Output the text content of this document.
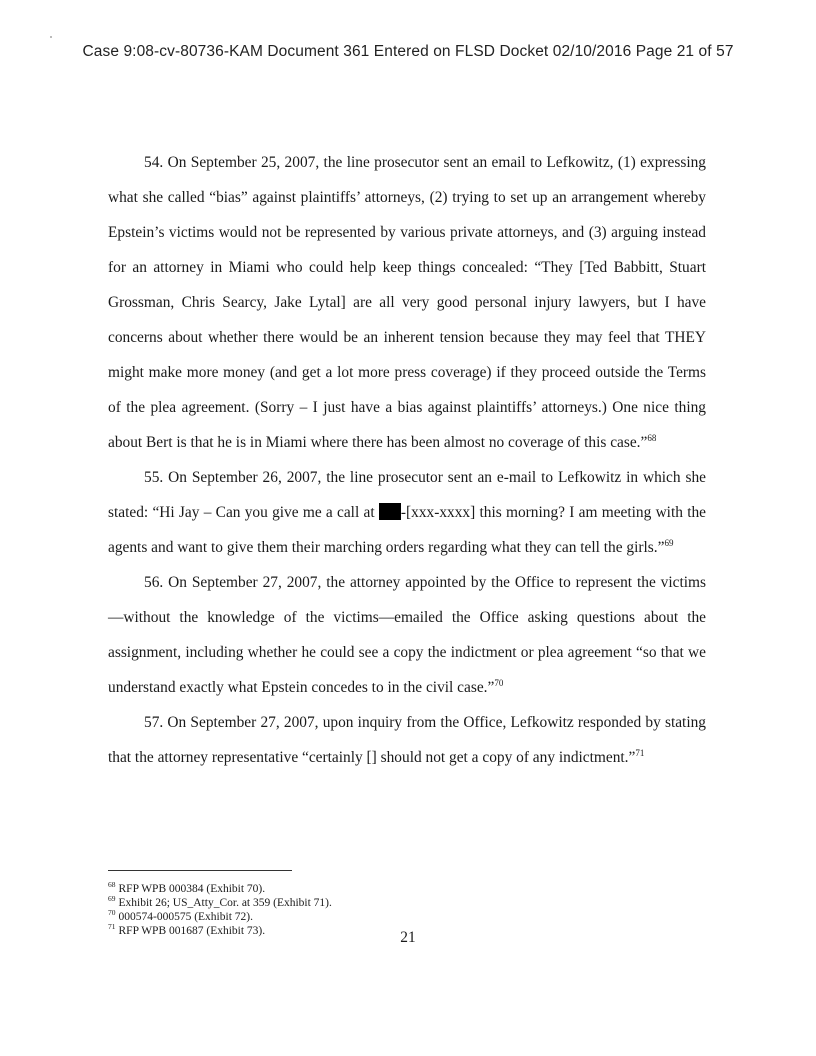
Case 9:08-cv-80736-KAM Document 361 Entered on FLSD Docket 02/10/2016 Page 21 of 57

54. On September 25, 2007, the line prosecutor sent an email to Lefkowitz, (1) expressing what she called “bias” against plaintiffs’ attorneys, (2) trying to set up an arrangement whereby Epstein’s victims would not be represented by various private attorneys, and (3) arguing instead for an attorney in Miami who could help keep things concealed: “They [Ted Babbitt, Stuart Grossman, Chris Searcy, Jake Lytal] are all very good personal injury lawyers, but I have concerns about whether there would be an inherent tension because they may feel that THEY might make more money (and get a lot more press coverage) if they proceed outside the Terms of the plea agreement. (Sorry – I just have a bias against plaintiffs’ attorneys.) One nice thing about Bert is that he is in Miami where there has been almost no coverage of this case.”$^{68}$

55. On September 26, 2007, the line prosecutor sent an e-mail to Lefkowitz in which she stated: “Hi Jay – Can you give me a call at -[xxx-xxxx] this morning? I am meeting with the agents and want to give them their marching orders regarding what they can tell the girls.”$^{69}$

56. On September 27, 2007, the attorney appointed by the Office to represent the victims—without the knowledge of the victims—emailed the Office asking questions about the assignment, including whether he could see a copy the indictment or plea agreement “so that we understand exactly what Epstein concedes to in the civil case.”$^{70}$

57. On September 27, 2007, upon inquiry from the Office, Lefkowitz responded by stating that the attorney representative “certainly [] should not get a copy of any indictment.”$^{71}$

$^{68}$ RFP WPB 000384 (Exhibit 70).

$^{69}$ Exhibit 26; US_Atty_Cor. at 359 (Exhibit 71).

$^{70}$ 000574-000575 (Exhibit 72).

$^{71}$ RFP WPB 001687 (Exhibit 73).	21
